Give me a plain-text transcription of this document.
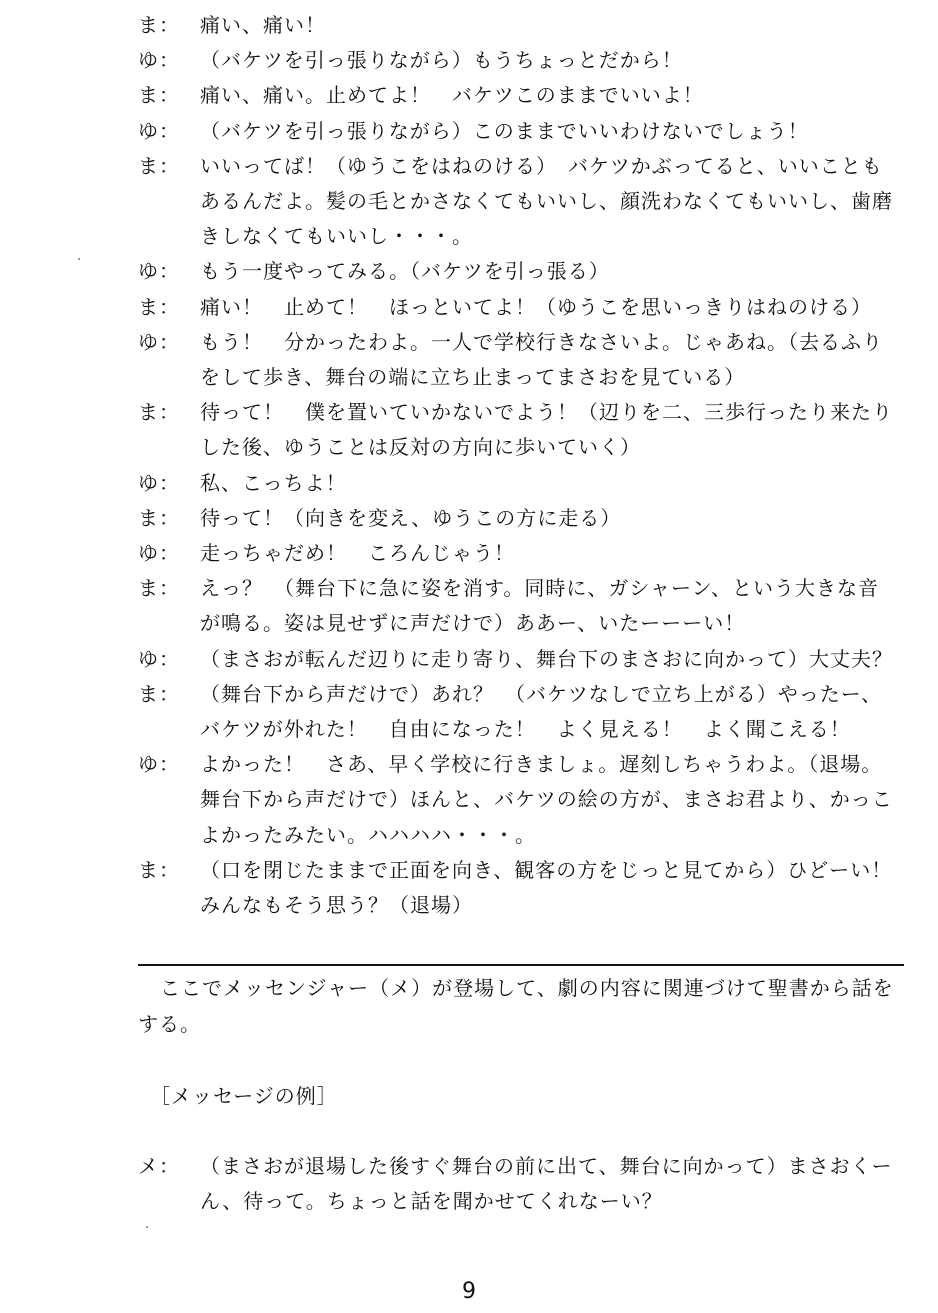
ま：	痛い、痛い！
ゆ：	（バケツを引っ張りながら）もうちょっとだから！
ま：	痛い、痛い。止めてよ！　バケツこのままでいいよ！
ゆ：	（バケツを引っ張りながら）このままでいいわけないでしょう！
ま：	いいってば！（ゆうこをはねのける）　バケツかぶってると、いいことも
あるんだよ。髪の毛とかさなくてもいいし、顔洗わなくてもいいし、歯磨
きしなくてもいいし・・・。
ゆ：	もう一度やってみる。（バケツを引っ張る）
ま：	痛い！　止めて！　ほっといてよ！（ゆうこを思いっきりはねのける）
ゆ：	もう！　分かったわよ。一人で学校行きなさいよ。じゃあね。（去るふり
をして歩き、舞台の端に立ち止まってまさおを見ている）
ま：	待って！　僕を置いていかないでよう！（辺りを二、三歩行ったり来たり
した後、ゆうことは反対の方向に歩いていく）
ゆ：	私、こっちよ！
ま：	待って！（向きを変え、ゆうこの方に走る）
ゆ：	走っちゃだめ！　ころんじゃう！
ま：	えっ？　（舞台下に急に姿を消す。同時に、ガシャーン、という大きな音
が鳴る。姿は見せずに声だけで）ああー、いたーーーい！
ゆ：	（まさおが転んだ辺りに走り寄り、舞台下のまさおに向かって）大丈夫？
ま：	（舞台下から声だけで）あれ？　（バケツなしで立ち上がる）やったー、
バケツが外れた！　自由になった！　よく見える！　よく聞こえる！
ゆ：	よかった！　さあ、早く学校に行きましょ。遅刻しちゃうわよ。（退場。
舞台下から声だけで）ほんと、バケツの絵の方が、まさお君より、かっこ
よかったみたい。ハハハハ・・・。
ま：	（口を閉じたままで正面を向き、観客の方をじっと見てから）ひどーい！
みんなもそう思う？（退場）
ここでメッセンジャー（メ）が登場して、劇の内容に関連づけて聖書から話を
する。
［メッセージの例］
メ：	（まさおが退場した後すぐ舞台の前に出て、舞台に向かって）まさおくー
ん、待って。ちょっと話を聞かせてくれなーい？
9
